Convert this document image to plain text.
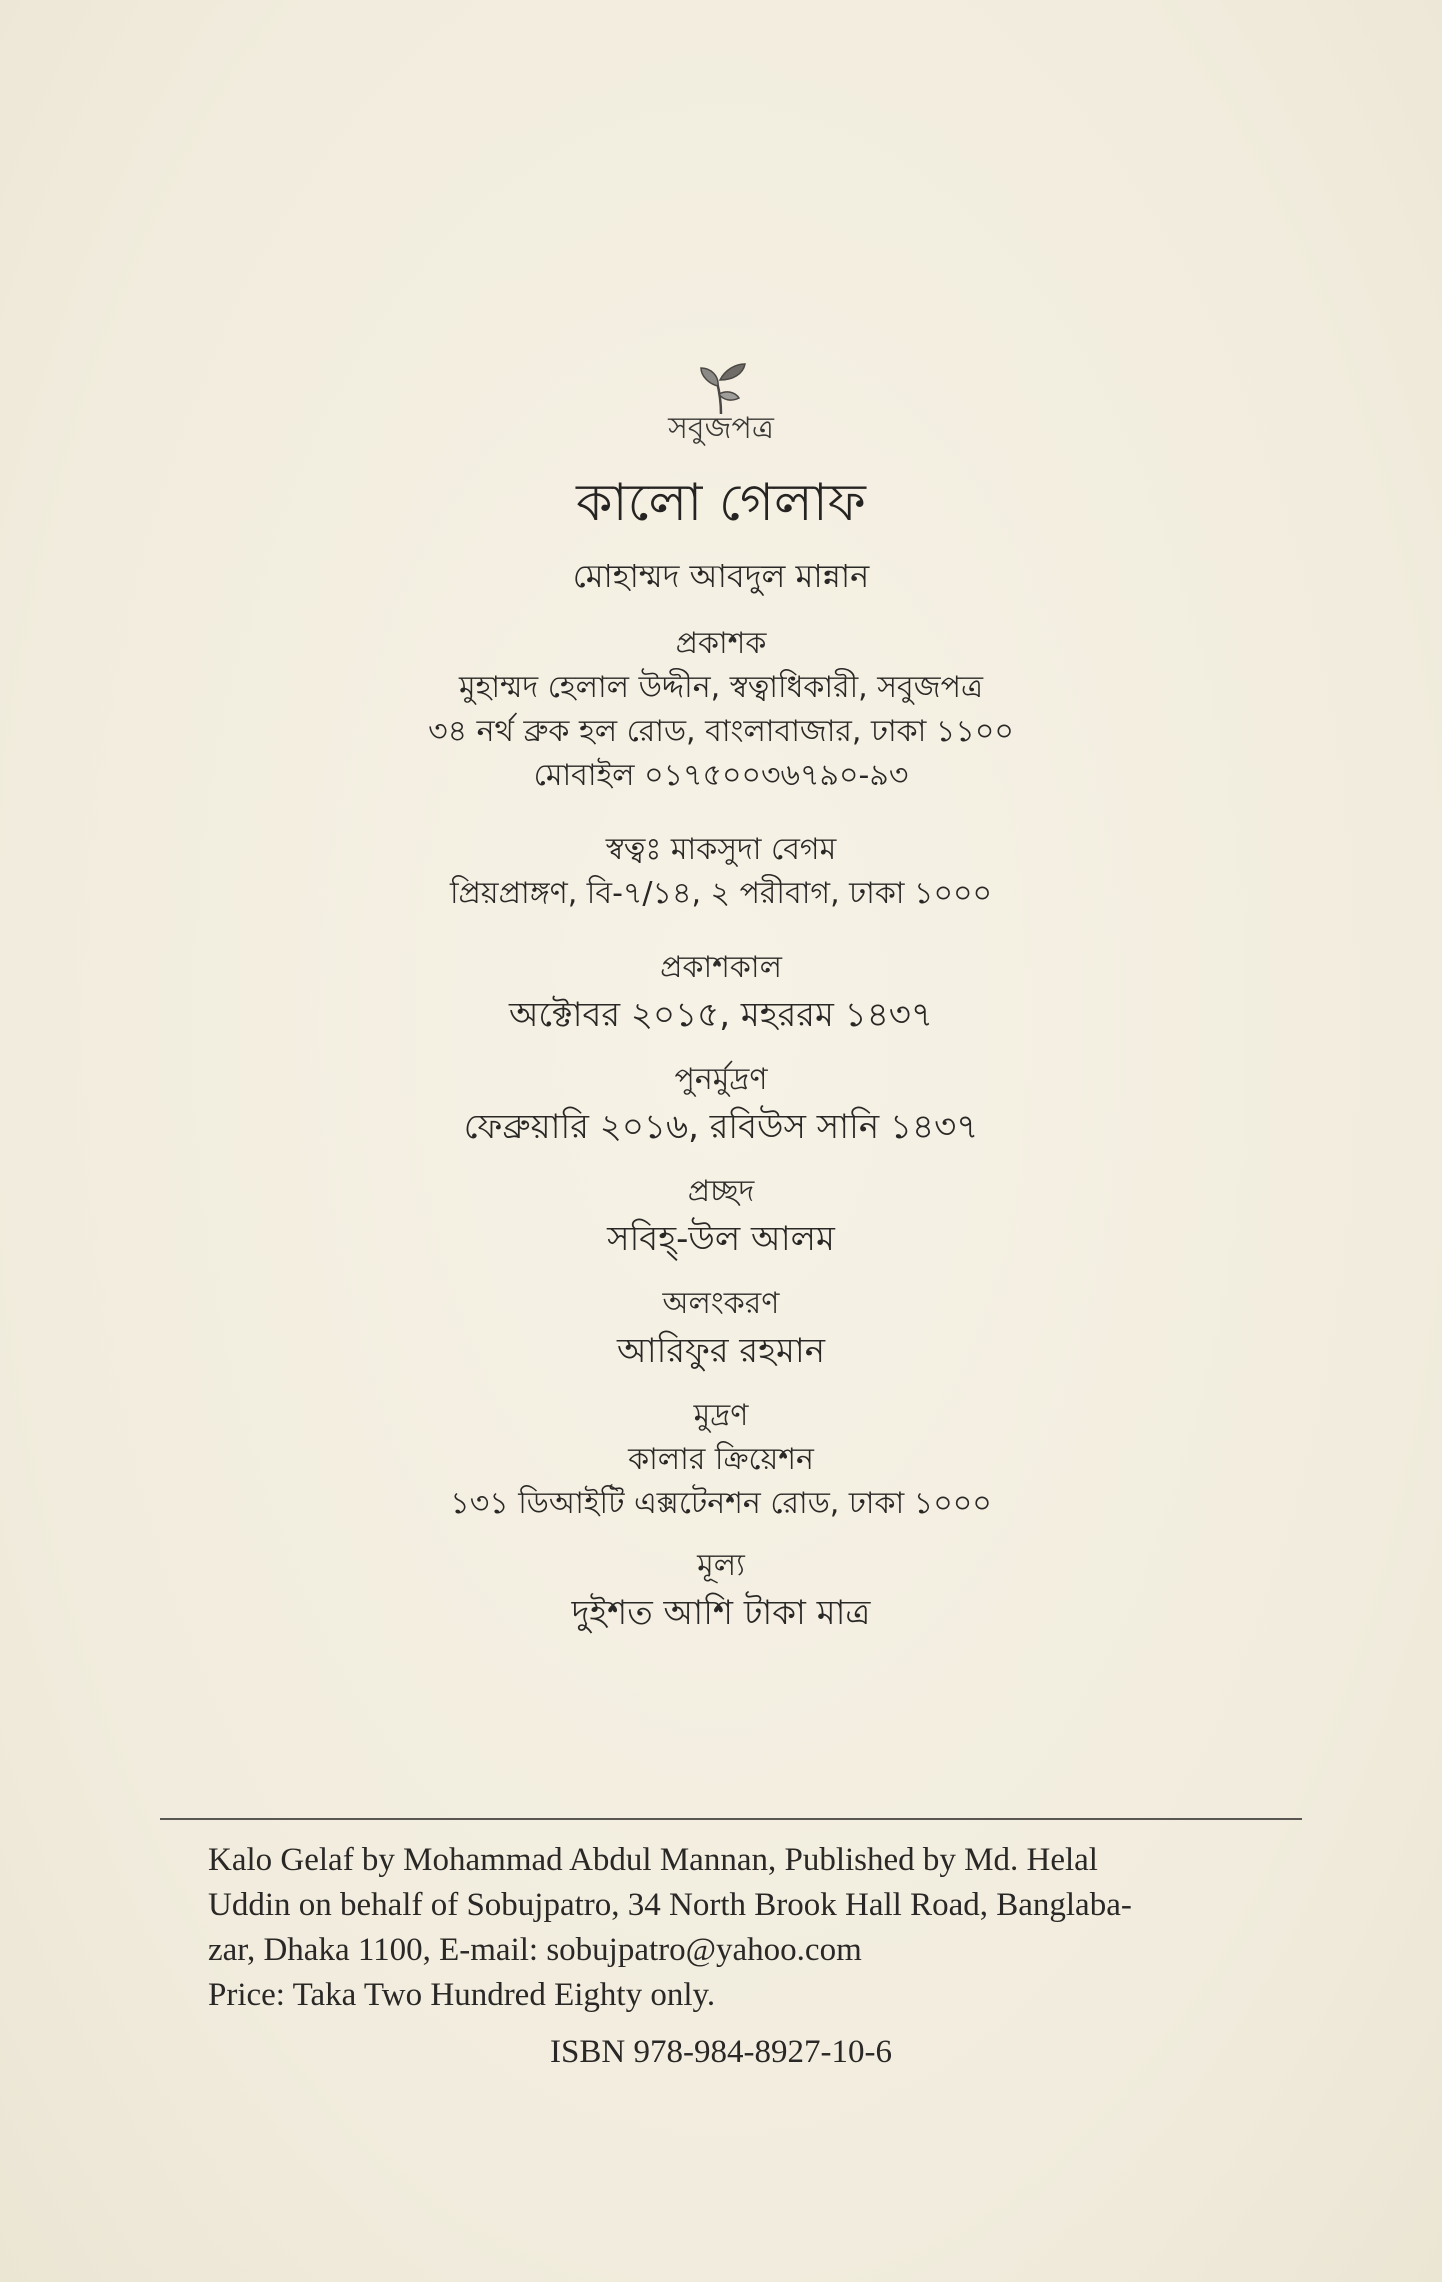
সবুজপত্র
কালো গেলাফ
মোহাম্মদ আবদুল মান্নান
প্রকাশক
মুহাম্মদ হেলাল উদ্দীন, স্বত্বাধিকারী, সবুজপত্র
৩৪ নর্থ ব্রুক হল রোড, বাংলাবাজার, ঢাকা ১১০০
মোবাইল ০১৭৫০০৩৬৭৯০-৯৩
স্বত্বঃ মাকসুদা বেগম
প্রিয়প্রাঙ্গণ, বি-৭/১৪, ২ পরীবাগ, ঢাকা ১০০০
প্রকাশকাল
অক্টোবর ২০১৫, মহররম ১৪৩৭
পুনর্মুদ্রণ
ফেব্রুয়ারি ২০১৬, রবিউস সানি ১৪৩৭
প্রচ্ছদ
সবিহ্‌-উল আলম
অলংকরণ
আরিফুর রহমান
মুদ্রণ
কালার ক্রিয়েশন
১৩১ ডিআইটি এক্সটেনশন রোড, ঢাকা ১০০০
মূল্য
দুইশত আশি টাকা মাত্র

Kalo Gelaf by Mohammad Abdul Mannan, Published by Md. Helal

Uddin on behalf of Sobujpatro, 34 North Brook Hall Road, Banglaba-

zar, Dhaka 1100, E-mail: sobujpatro@yahoo.com

Price: Taka Two Hundred Eighty only.

ISBN 978-984-8927-10-6
